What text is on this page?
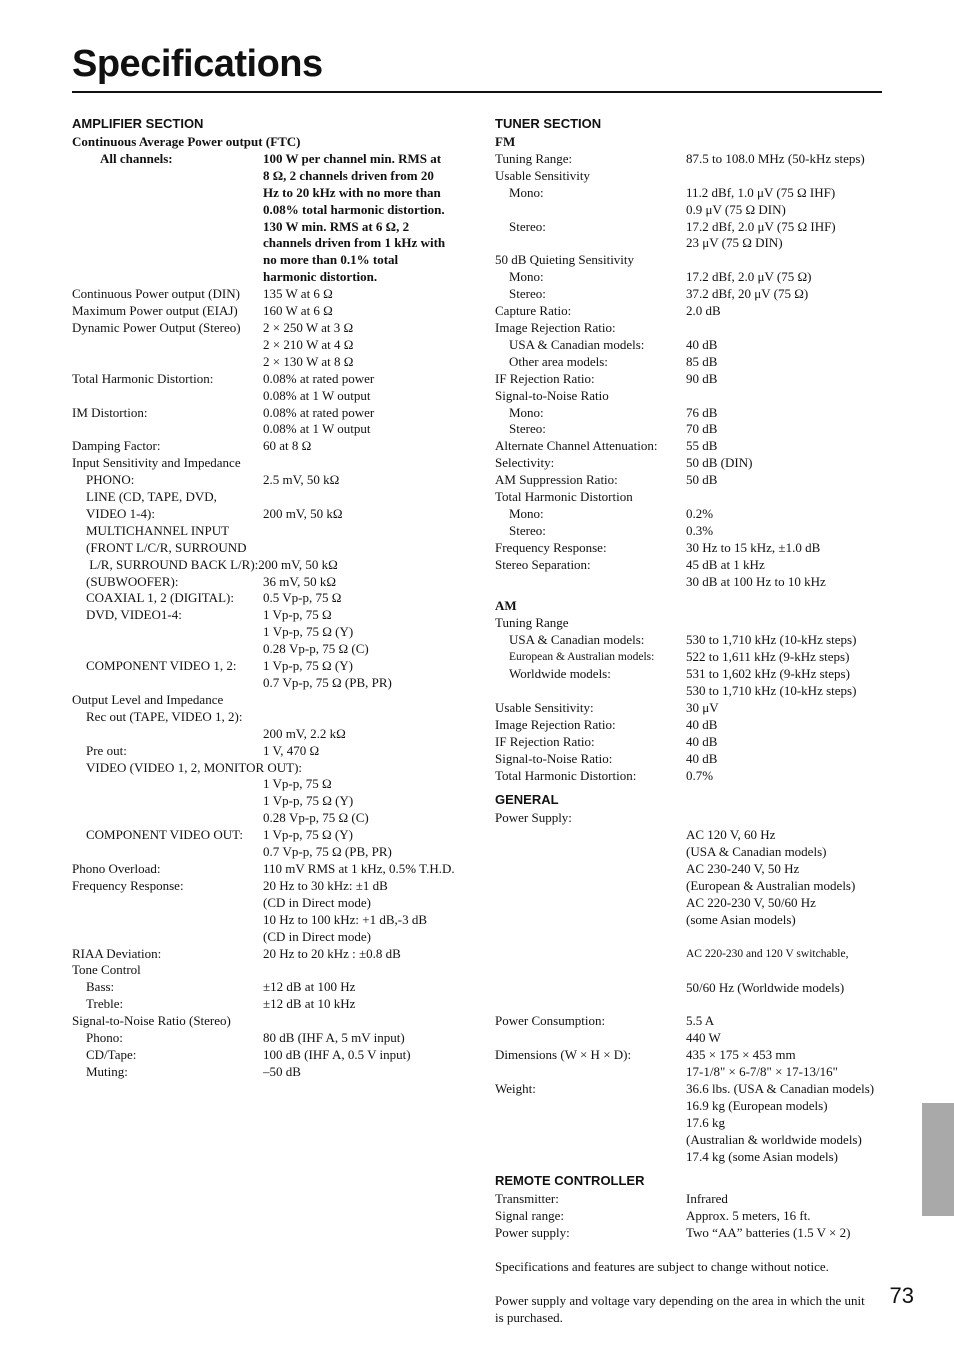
Specifications
AMPLIFIER SECTION
Continuous Average Power output (FTC)
All channels:	100 W per channel min. RMS at
8 Ω, 2 channels driven from 20
Hz to 20 kHz with no more than
0.08% total harmonic distortion.
130 W min. RMS at 6 Ω, 2
channels driven from 1 kHz with
no more than 0.1% total
harmonic distortion.
Continuous Power output (DIN)	135 W at 6 Ω
Maximum Power output (EIAJ)	160 W at 6 Ω
Dynamic Power Output (Stereo)	2 × 250 W at 3 Ω
2 × 210 W at 4 Ω
2 × 130 W at 8 Ω
Total Harmonic Distortion:	0.08% at rated power
0.08% at 1 W output
IM Distortion:	0.08% at rated power
0.08% at 1 W output
Damping Factor:	60 at 8 Ω
Input Sensitivity and Impedance
PHONO:	2.5 mV, 50 kΩ
LINE (CD, TAPE, DVD,
VIDEO 1-4):	200 mV, 50 kΩ
MULTICHANNEL INPUT
(FRONT L/C/R, SURROUND
L/R, SURROUND BACK L/R):200 mV, 50 kΩ
(SUBWOOFER):	36 mV, 50 kΩ
COAXIAL 1, 2 (DIGITAL):	0.5 Vp-p, 75 Ω
DVD, VIDEO1-4:	1 Vp-p, 75 Ω
1 Vp-p, 75 Ω (Y)
0.28 Vp-p, 75 Ω (C)
COMPONENT VIDEO 1, 2:	1 Vp-p, 75 Ω (Y)
0.7 Vp-p, 75 Ω (PB, PR)
Output Level and Impedance
Rec out (TAPE, VIDEO 1, 2):
200 mV, 2.2 kΩ
Pre out:	1 V, 470 Ω
VIDEO (VIDEO 1, 2, MONITOR OUT):
1 Vp-p, 75 Ω
1 Vp-p, 75 Ω (Y)
0.28 Vp-p, 75 Ω (C)
COMPONENT VIDEO OUT:	1 Vp-p, 75 Ω (Y)
0.7 Vp-p, 75 Ω (PB, PR)
Phono Overload:	110 mV RMS at 1 kHz, 0.5% T.H.D.
Frequency Response:	20 Hz to 30 kHz: ±1 dB
(CD in Direct mode)
10 Hz to 100 kHz: +1 dB,-3 dB
(CD in Direct mode)
RIAA Deviation:	20 Hz to 20 kHz : ±0.8 dB
Tone Control
Bass:	±12 dB at 100 Hz
Treble:	±12 dB at 10 kHz
Signal-to-Noise Ratio (Stereo)
Phono:	80 dB (IHF A, 5 mV input)
CD/Tape:	100 dB (IHF A, 0.5 V input)
Muting:	–50 dB
TUNER SECTION
FM
Tuning Range:	87.5 to 108.0 MHz (50-kHz steps)
Usable Sensitivity
Mono:	11.2 dBf, 1.0 μV (75 Ω IHF)
0.9 μV (75 Ω DIN)
Stereo:	17.2 dBf, 2.0 μV (75 Ω IHF)
23 μV (75 Ω DIN)
50 dB Quieting Sensitivity
Mono:	17.2 dBf, 2.0 μV (75 Ω)
Stereo:	37.2 dBf, 20 μV (75 Ω)
Capture Ratio:	2.0 dB
Image Rejection Ratio:
USA & Canadian models:	40 dB
Other area models:	85 dB
IF Rejection Ratio:	90 dB
Signal-to-Noise Ratio
Mono:	76 dB
Stereo:	70 dB
Alternate Channel Attenuation:	55 dB
Selectivity:	50 dB (DIN)
AM Suppression Ratio:	50 dB
Total Harmonic Distortion
Mono:	0.2%
Stereo:	0.3%
Frequency Response:	30 Hz to 15 kHz, ±1.0 dB
Stereo Separation:	45 dB at 1 kHz
30 dB at 100 Hz to 10 kHz
AM
Tuning Range
USA & Canadian models:	530 to 1,710 kHz (10-kHz steps)
European & Australian models:	522 to 1,611 kHz (9-kHz steps)
Worldwide models:	531 to 1,602 kHz (9-kHz steps)
530 to 1,710 kHz (10-kHz steps)
Usable Sensitivity:	30 μV
Image Rejection Ratio:	40 dB
IF Rejection Ratio:	40 dB
Signal-to-Noise Ratio:	40 dB
Total Harmonic Distortion:	0.7%
GENERAL
Power Supply:

AC 120 V, 60 Hz
(USA & Canadian models)
AC 230-240 V, 50 Hz
(European & Australian models)
AC 220-230 V, 50/60 Hz
(some Asian models)

AC 220-230 and 120 V switchable,

50/60 Hz (Worldwide models)

Power Consumption:	5.5 A
440 W
Dimensions (W × H × D):	435 × 175 × 453 mm
17-1/8" × 6-7/8" × 17-13/16"
Weight:	36.6 lbs. (USA & Canadian models)
16.9 kg (European models)
17.6 kg
(Australian & worldwide models)
17.4 kg (some Asian models)
REMOTE CONTROLLER
Transmitter:	Infrared
Signal range:	Approx. 5 meters, 16 ft.
Power supply:	Two “AA” batteries (1.5 V × 2)
Specifications and features are subject to change without notice.
Power supply and voltage vary depending on the area in which the unit
is purchased.
73
